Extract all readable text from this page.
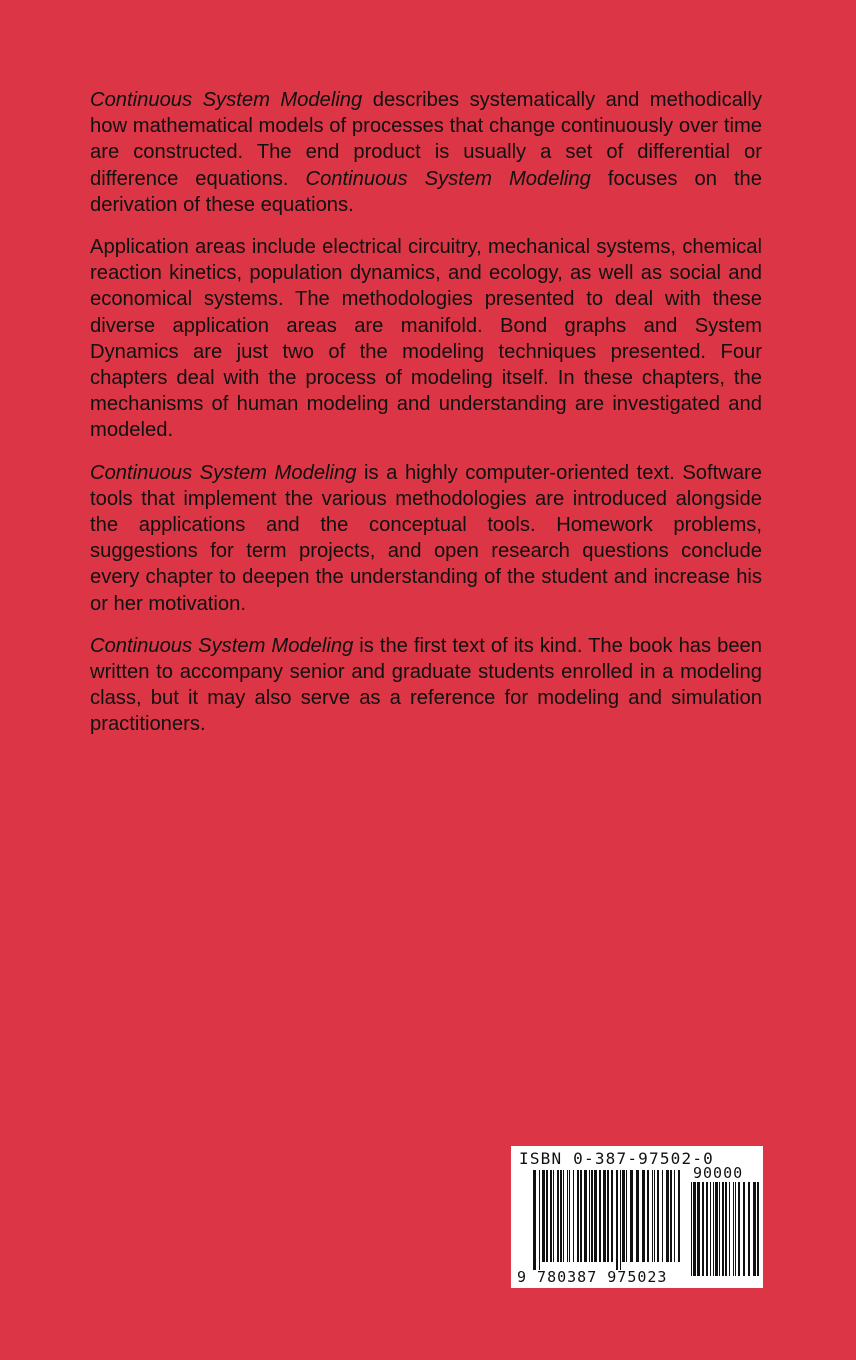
Continuous System Modeling describes systematically and methodically how mathematical models of processes that change continuously over time are constructed. The end product is usually a set of differential or difference equations. Continuous System Modeling focuses on the derivation of these equations.

Application areas include electrical circuitry, mechanical systems, chemical reaction kinetics, population dynamics, and ecology, as well as social and economical systems. The methodologies presented to deal with these diverse application areas are manifold. Bond graphs and System Dynamics are just two of the modeling techniques presented. Four chapters deal with the process of modeling itself. In these chapters, the mechanisms of human modeling and understanding are investigated and modeled.

Continuous System Modeling is a highly computer-oriented text. Software tools that implement the various methodologies are introduced alongside the applications and the conceptual tools. Homework problems, suggestions for term projects, and open research questions conclude every chapter to deepen the understanding of the student and increase his or her motivation.

Continuous System Modeling is the first text of its kind. The book has been written to accompany senior and graduate students enrolled in a modeling class, but it may also serve as a reference for modeling and simulation practitioners.

ISBN 0-387-97502-0
90000
9 780387 975023
